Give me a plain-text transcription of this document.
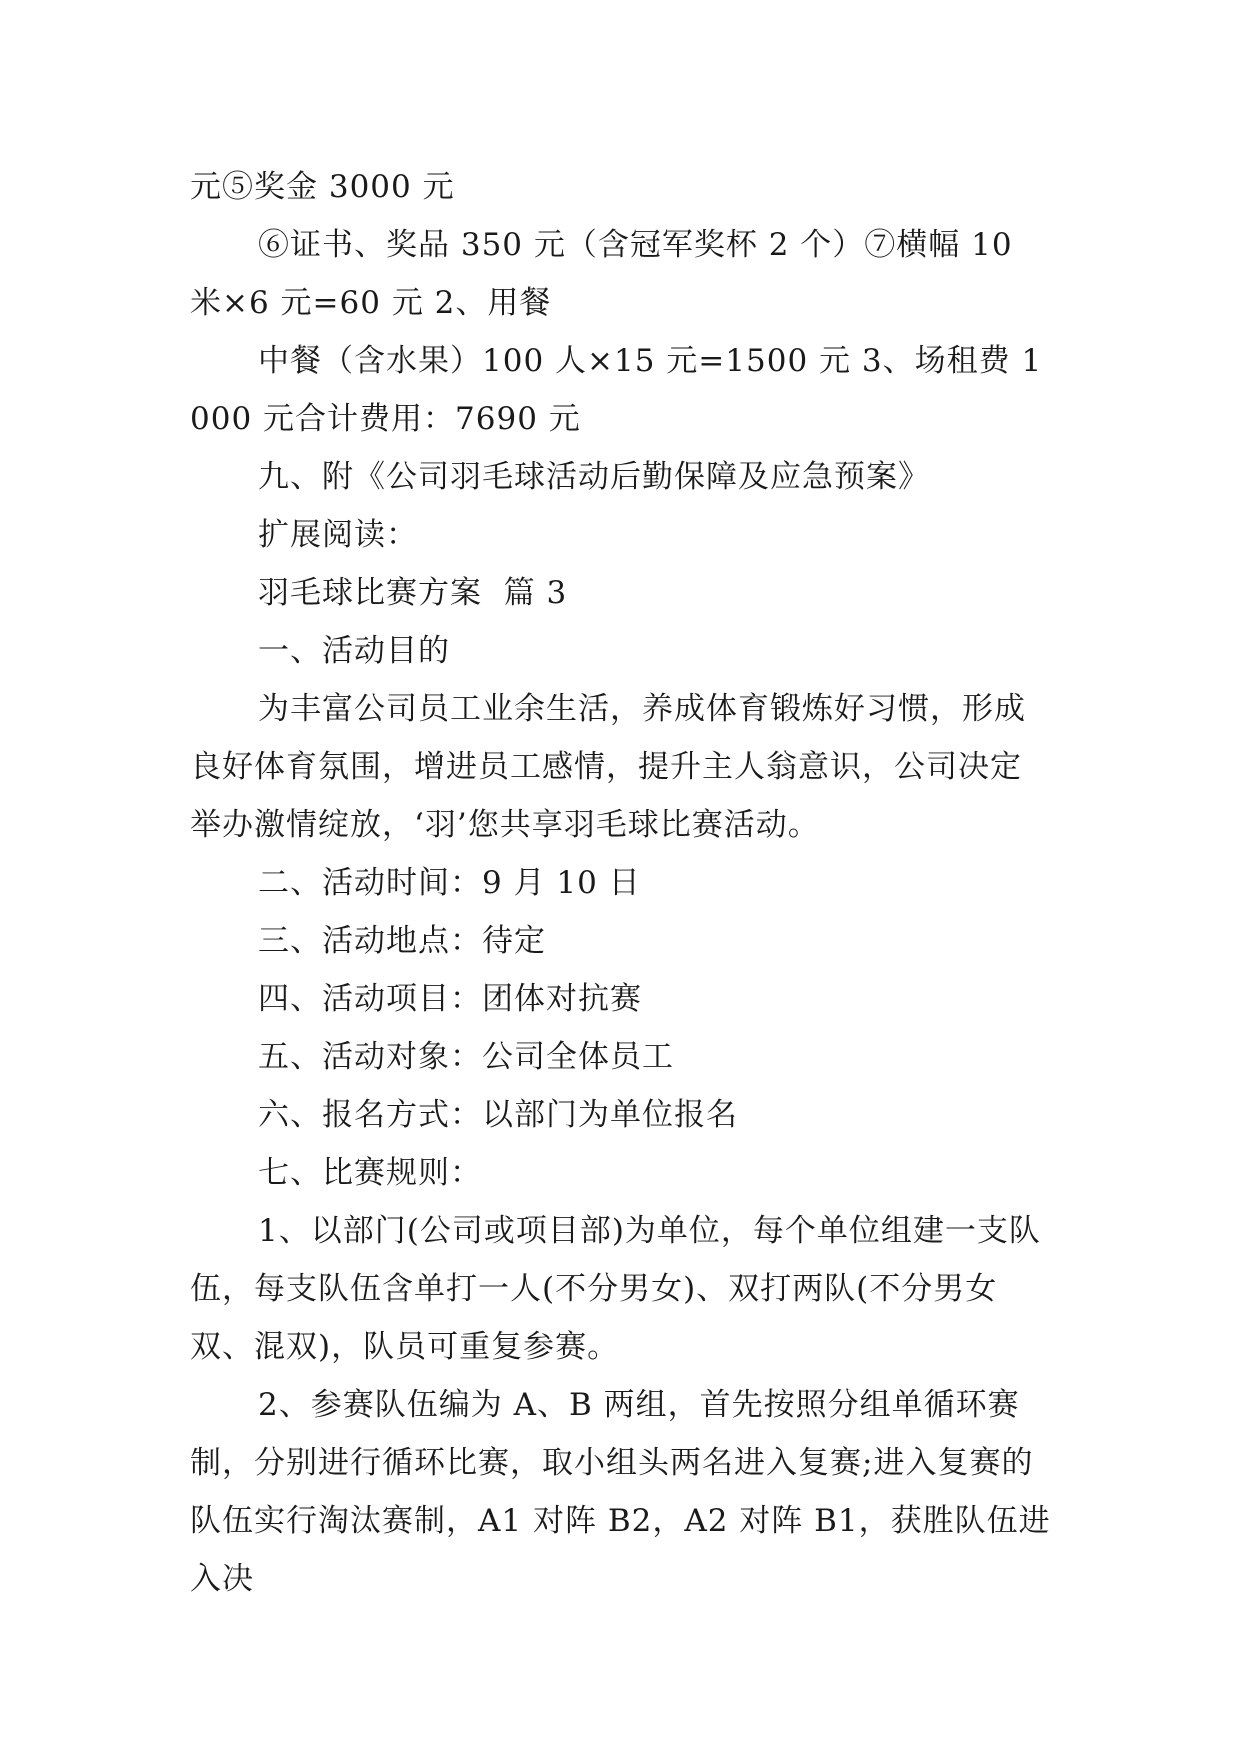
元⑤奖金 3000 元

⑥证书、奖品 350 元（含冠军奖杯 2 个）⑦横幅 10 米×6 元=60 元 2、用餐

中餐（含水果）100 人×15 元=1500 元 3、场租费 1000 元合计费用：7690 元

九、附《公司羽毛球活动后勤保障及应急预案》

扩展阅读：

羽毛球比赛方案  篇 3

一、活动目的

为丰富公司员工业余生活，养成体育锻炼好习惯，形成良好体育氛围，增进员工感情，提升主人翁意识，公司决定举办激情绽放，‘羽’您共享羽毛球比赛活动。

二、活动时间：9 月 10 日

三、活动地点：待定

四、活动项目：团体对抗赛

五、活动对象：公司全体员工

六、报名方式：以部门为单位报名

七、比赛规则：

1、以部门(公司或项目部)为单位，每个单位组建一支队伍，每支队伍含单打一人(不分男女)、双打两队(不分男女双、混双)，队员可重复参赛。

2、参赛队伍编为 A、B 两组，首先按照分组单循环赛制，分别进行循环比赛，取小组头两名进入复赛;进入复赛的队伍实行淘汰赛制，A1 对阵 B2，A2 对阵 B1，获胜队伍进入决
